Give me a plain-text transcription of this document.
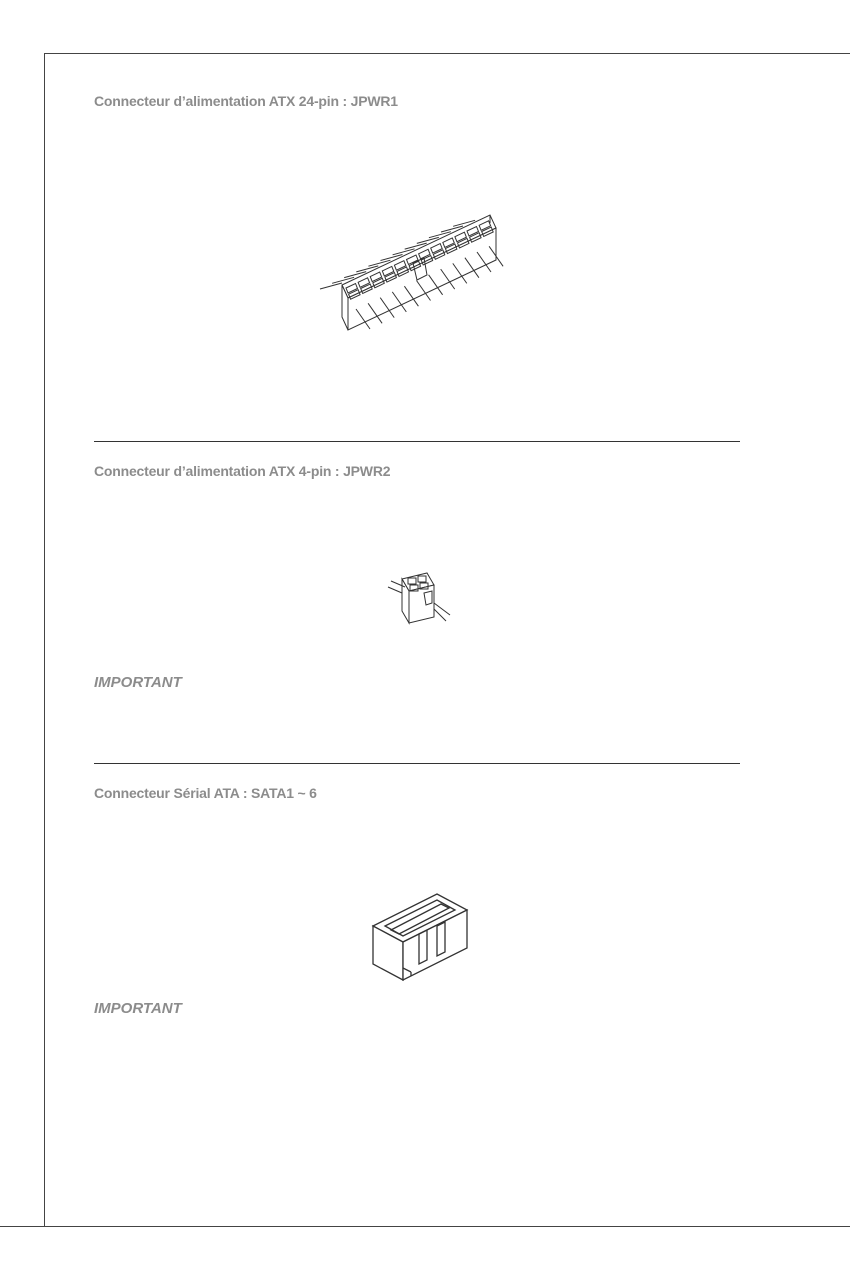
Connecteur d’alimentation ATX 24-pin : JPWR1
Connecteur d’alimentation ATX 4-pin : JPWR2
IMPORTANT
Connecteur Sérial ATA : SATA1 ~ 6
IMPORTANT
